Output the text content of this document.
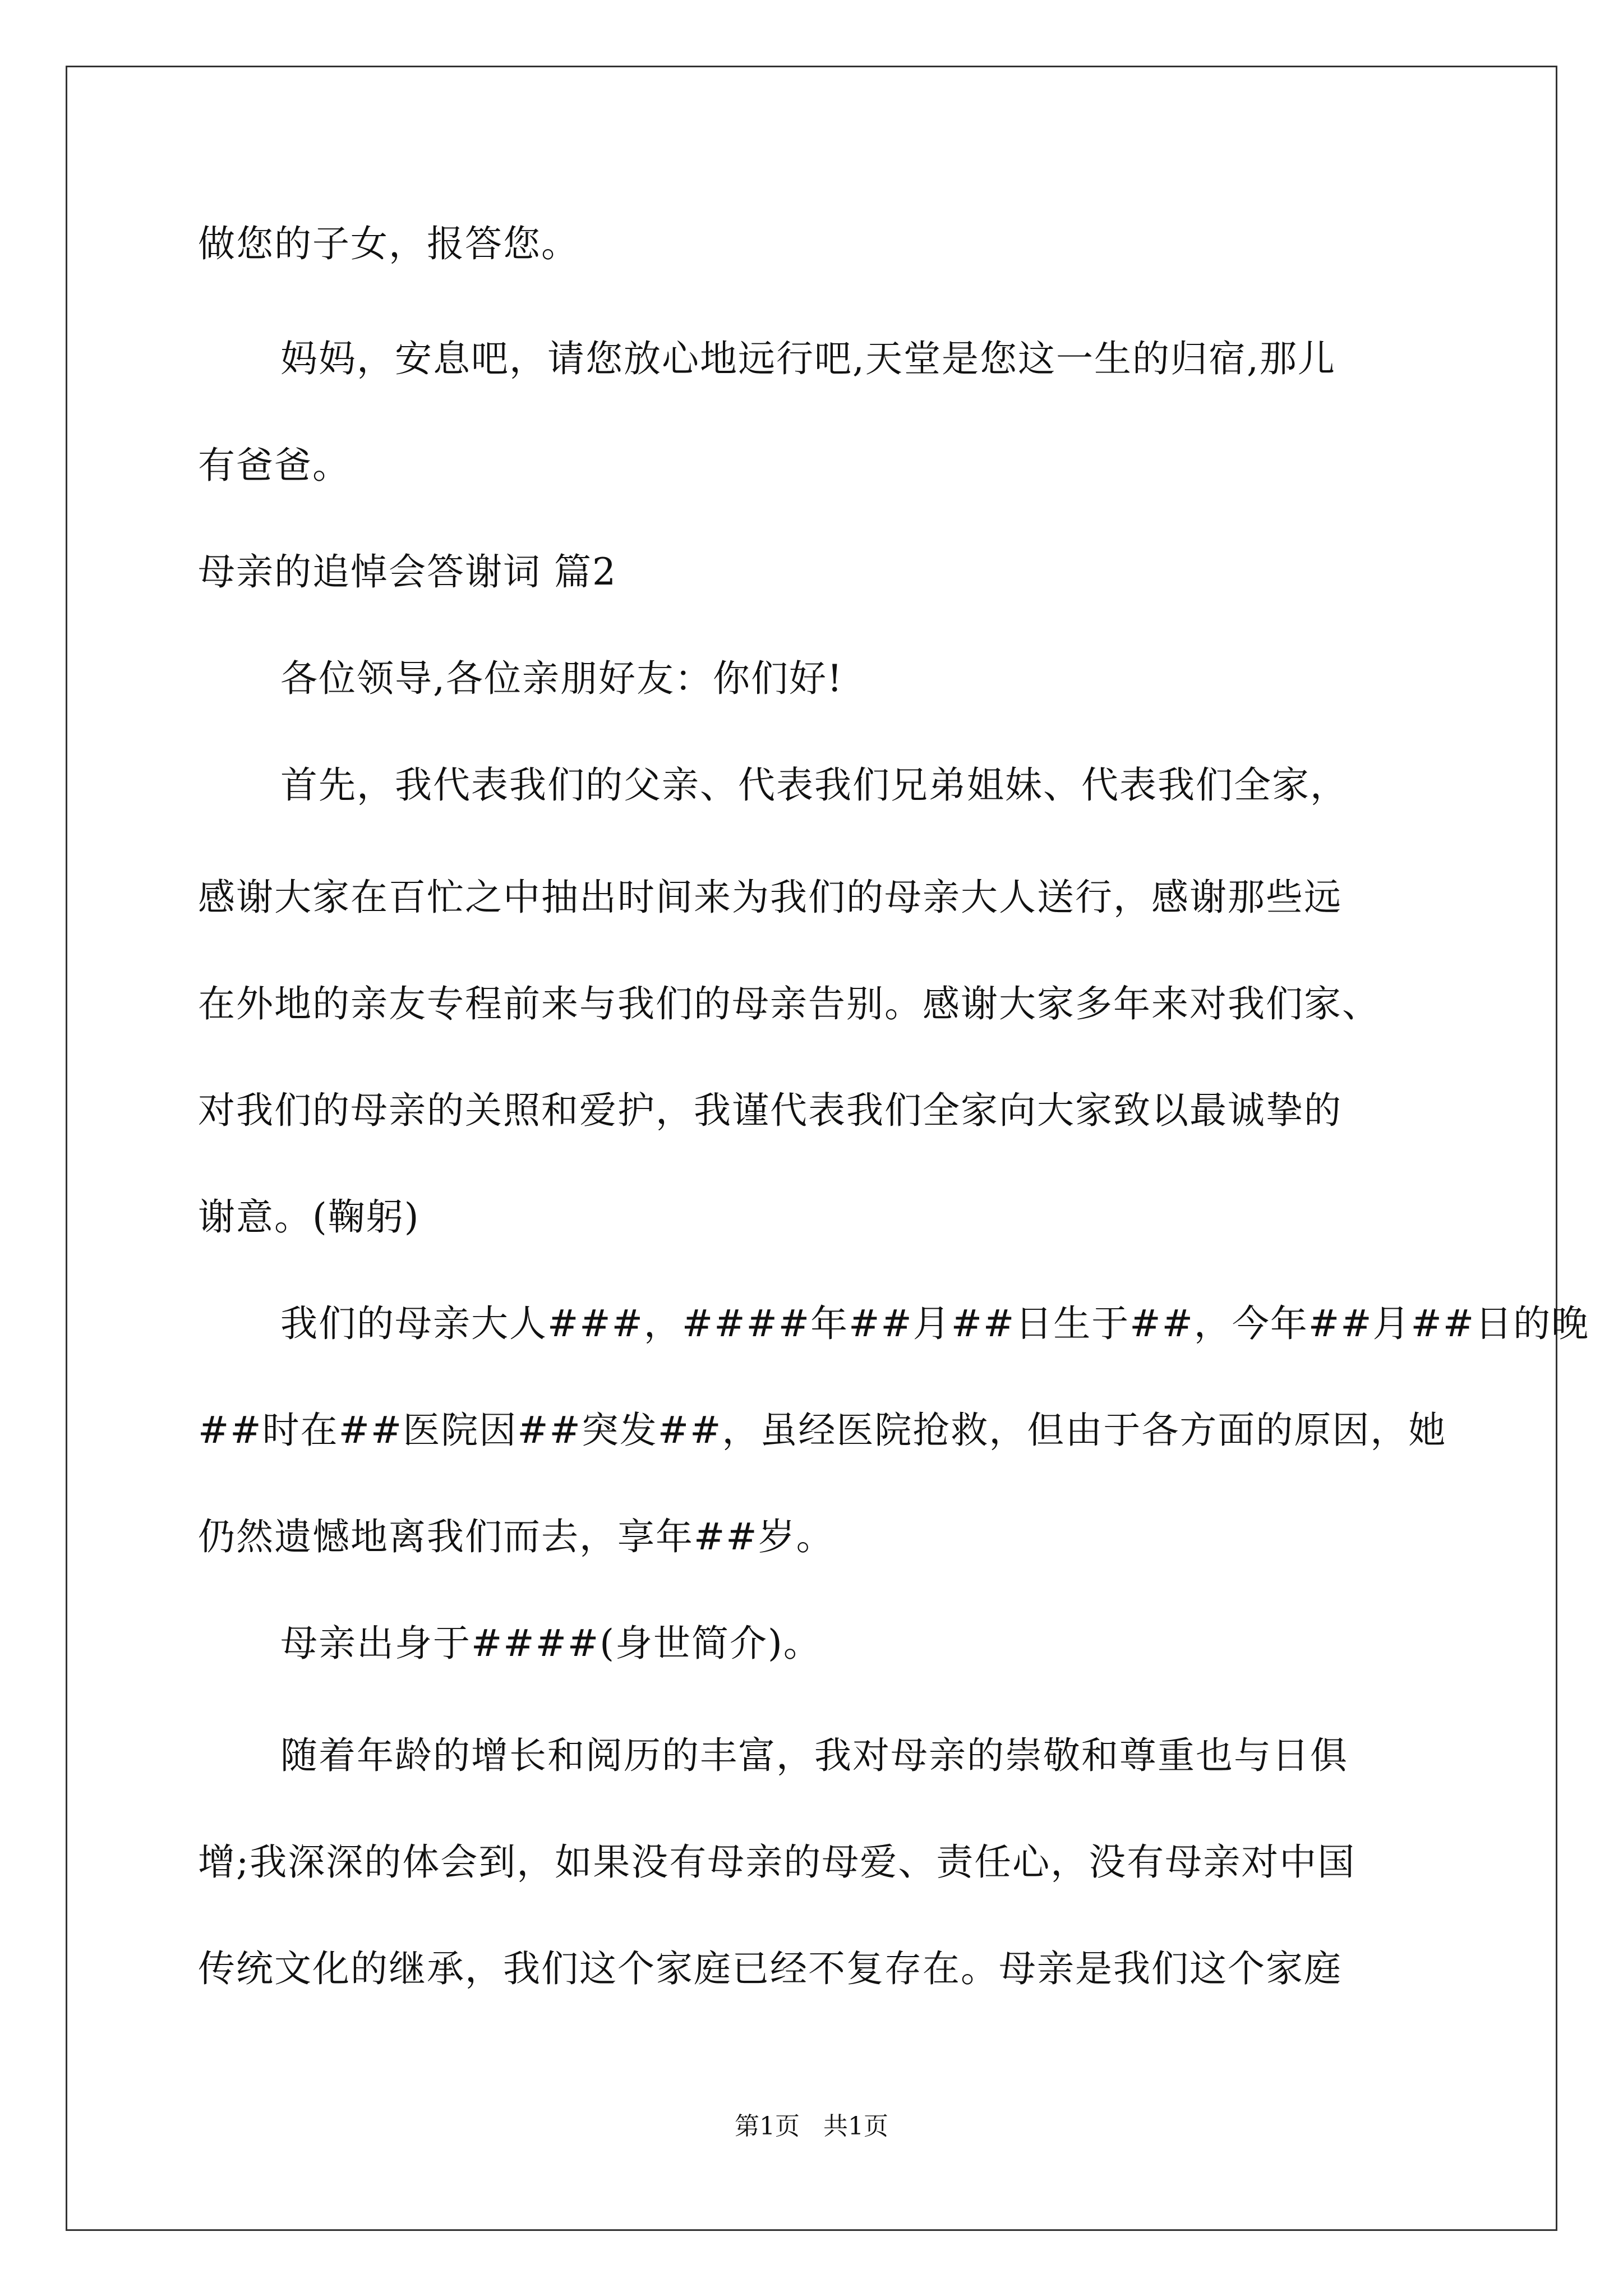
做您的子女，报答您。
妈妈，安息吧，请您放心地远行吧,天堂是您这一生的归宿,那儿
有爸爸。
母亲的追悼会答谢词 篇2
各位领导,各位亲朋好友：你们好!
首先，我代表我们的父亲、代表我们兄弟姐妹、代表我们全家，
感谢大家在百忙之中抽出时间来为我们的母亲大人送行，感谢那些远
在外地的亲友专程前来与我们的母亲告别。感谢大家多年来对我们家、
对我们的母亲的关照和爱护，我谨代表我们全家向大家致以最诚挚的
谢意。(鞠躬)
我们的母亲大人###，####年##月##日生于##，今年##月##日的晚
##时在##医院因##突发##，虽经医院抢救，但由于各方面的原因，她
仍然遗憾地离我们而去，享年##岁。
母亲出身于####(身世简介)。
随着年龄的增长和阅历的丰富，我对母亲的崇敬和尊重也与日俱
增;我深深的体会到，如果没有母亲的母爱、责任心，没有母亲对中国
传统文化的继承，我们这个家庭已经不复存在。母亲是我们这个家庭
第1页   共1页
